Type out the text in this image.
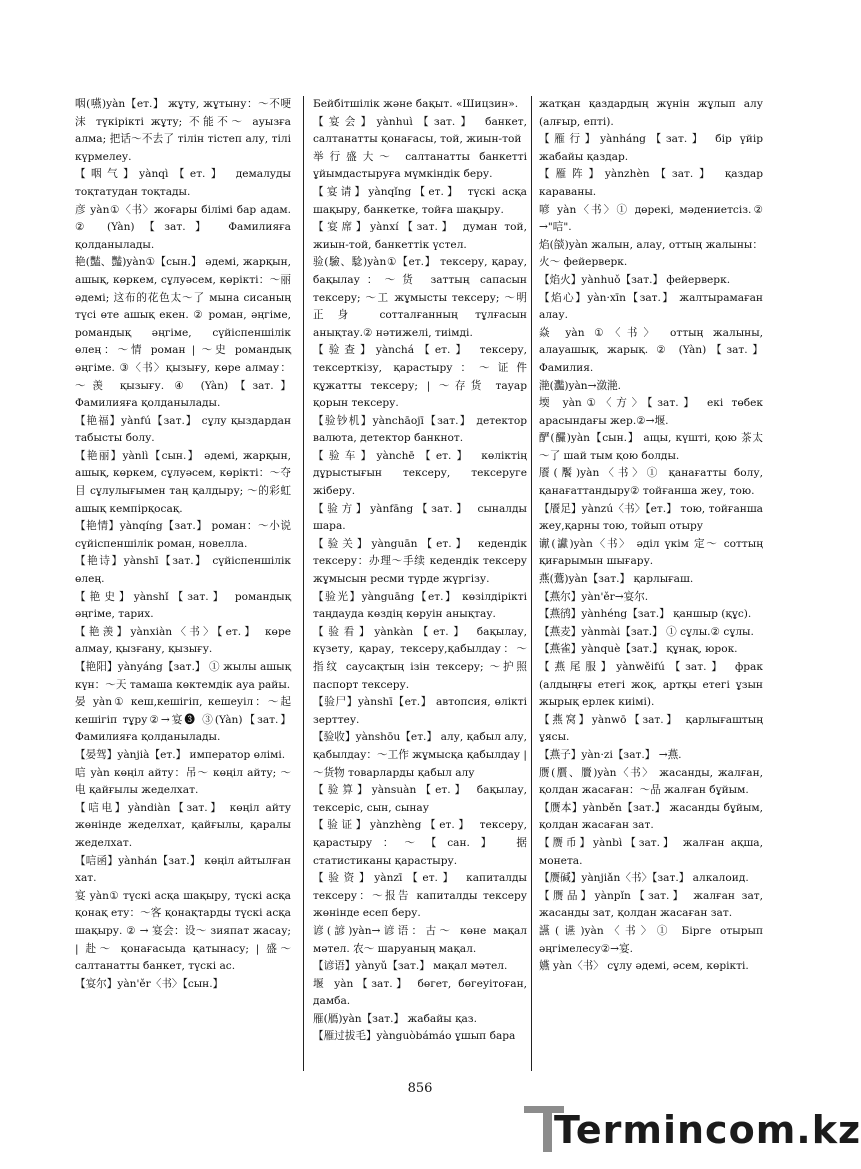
咽(嚥)yàn【ет.】 жұту, жұтыну：～不哽沫 түкірікті жұту; 不能不～ ауызға алма; 把话～不去了 тілін тістеп алу, тілі күрмелеу.

【咽气】yànqì【ет.】 демалуды тоқтатудан тоқтады.

彦 yàn①〈书〉жоғары білімі бар адам. ② (Yàn)【зат.】 Фамилияға қолданылады.

艳(豔、豔)yàn①【сын.】 әдемі, жарқын, ашық, көркем, сұлуәсем, көрікті：～丽 әдемі; 这布的花色太～了 мына сисаның түсі өте ашық екен. ② роман, әңгіме, романдық әңгіме, сүйіспеншілік өлең：～情 роман | ～史 романдық әңгіме. ③〈书〉қызығу, көре алмау：～羡 қызығу. ④ (Yàn)【зат.】 Фамилияға қолданылады.

【艳福】yànfú【зат.】 сұлу қыздардан табысты болу.

【艳丽】yànlì【сын.】 әдемі, жарқын, ашық, көркем, сұлуәсем, көрікті：～夺目 сұлулығымен таң қалдыру; ～的彩虹 ашық кемпірқосақ.

【艳情】yànqíng【зат.】 роман：～小说 сүйіспеншілік роман, новелла.

【艳诗】yànshī【зат.】 сүйіспеншілік өлең.

【艳史】yànshǐ【зат.】 романдық әңгіме, тарих.

【艳羡】yànxiàn〈书〉【ет.】 көре алмау, қызғану, қызығу.

【艳阳】yànyáng【зат.】 ① жылы ашық күн：～天 тамаша көктемдік ауа райы.

晏 yàn① кеш,кешігіп, кешеуіл：～起 кешігіп тұру②→宴❸ ③(Yàn)【зат.】 Фамилияға қолданылады.

【晏驾】yànjià【ет.】 император өлімі.

唁 yàn көңіл айту：吊～ көңіл айту; ～电 қайғылы жеделхат.

【唁电】yàndiàn【зат.】 көңіл айту жөнінде жеделхат, қайғылы, қаралы жеделхат.

【唁函】yànhán【зат.】 көңіл айтылған хат.

宴 yàn① түскі асқа шақыру, түскі асқа қонақ ету：～客 қонақтарды түскі асқа шақыру. ② → 宴会：设～ зияпат жасау; | 赴～ қонағасыда қатынасу; | 盛～ салтанатты банкет, түскі ас.

【宴尔】yàn'ěr〈书〉【сын.】

Бейбітшілік және бақыт. «Шицзин».

【宴会】yànhuì【зат.】 банкет, салтанатты қонағасы, той, жиын-той

举行盛大～ салтанатты банкетті ұйымдастыруға мүмкіндік беру.

【宴请】yànqǐng【ет.】 түскі асқа шақыру, банкетке, тойға шақыру.

【宴席】yànxí【зат.】 думан той, жиын-той, банкеттік үстел.

验(驗、騐)yàn①【ет.】 тексеру, қарау, бақылау：～货 заттың сапасын тексеру; ～工 жұмысты тексеру; ～明正身 сотталғанның тұлғасын анықтау.② нәтижелі, тиімді.

【验查】yànchá【ет.】 тексеру, тексерткізу, қарастыру：～证件 құжатты тексеру; | ～存货 тауар қорын тексеру.

【验钞机】yànchāojī【зат.】 детектор валюта, детектор банкнот.

【验车】yànchē【ет.】 көліктің дұрыстығын тексеру, тексеруге жіберу.

【验方】yànfāng【зат.】 сыналды шара.

【验关】yànguān【ет.】 кедендік тексеру：办理～手续 кедендік тексеру жұмысын ресми түрде жүргізу.

【验光】yànguāng【ет.】 көзілдірікті таңдауда көздің көруін анықтау.

【验看】yànkàn【ет.】 бақылау, күзету, қарау, тексеру,қабылдау：～指纹 саусақтың ізін тексеру; ～护照 паспорт тексеру.

【验尸】yànshī【ет.】 автопсия, өлікті зерттеу.

【验收】yànshōu【ет.】 алу, қабыл алу, қабылдау：～工作 жұмысқа қабылдау | ～货物 товарларды қабыл алу

【验算】yànsuàn【ет.】 бақылау, тексеріс, сын, сынау

【验证】yànzhèng【ет.】 тексеру, қарастыру：～【сан.】 据 статистиканы қарастыру.

【验资】yànzī【ет.】 капиталды тексеру：～报告 капиталды тексеру жөнінде есеп беру.

谚(諺)yàn→谚语：古～ көне мақал мәтел. 农～ шаруаның мақал.

【谚语】yànyǔ【зат.】 мақал мәтел.

堰 yàn【зат.】 бөгет, бөгеуітоған, дамба.

雁(鴈)yàn【зат.】 жабайы қаз.

【雁过拔毛】yànguòbámáo ұшып бара

жатқан қаздардың жүнін жұлып алу (алғыр, епті).

【雁行】yànháng【зат.】 бір үйір жабайы қаздар.

【雁阵】yànzhèn【зат.】 қаздар караваны.

喭 yàn〈书〉① дөрекі, мәдениетсіз.② →"唁".

焰(燄)yàn жалын, алау, оттың жалыны：火～ фейерверк.

【焰火】yànhuǒ【зат.】 фейерверк.

【焰心】yàn·xīn【зат.】 жалтырамаған алау.

焱 yàn ①〈书〉 оттың жалыны, алауашық, жарық. ② (Yàn)【зат.】 Фамилия.

滟(灩)yàn→潋滟.

堧 yàn①〈方〉【зат.】 екі төбек арасындағы жер.②→堰.

酽(釅)yàn【сын.】 ащы, күшті, қою 茶太～了 шай тым қою болды.

餍(饜)yàn〈书〉① қанағатты болу, қанағаттандыру② тойғанша жеу, тою.

【餍足】yànzú〈书〉【ет.】 тою, тойғанша жеу,қарны тою, тойып отыру

谳(讞)yàn〈书〉 әділ үкім 定～ соттың қиғарымын шығару.

燕(鷰)yàn【зат.】 қарлығаш.

【燕尔】yàn'ěr→宴尔.

【燕鸻】yànhéng【зат.】 қаншыр (құс).

【燕麦】yànmài【зат.】 ① сұлы.② сұлы.

【燕雀】yànquè【зат.】 құнақ, юрок.

【燕尾服】yànwěifú【зат.】 фрак (алдыңғы етегі жоқ, артқы етегі ұзын жырық ерлек киімі).

【燕窝】yànwō【зат.】 қарлығаштың ұясы.

【燕子】yàn·zi【зат.】 →燕.

赝(贋、贗)yàn〈书〉 жасанды, жалған, қолдан жасаған：～品 жалған бұйым.

【赝本】yànběn【зат.】 жасанды бұйым, қолдан жасаған зат.

【赝币】yànbì【зат.】 жалған ақша, монета.

【赝碱】yànjiǎn〈书〉【зат.】 алкалоид.

【赝品】yànpǐn【зат.】 жалған зат, жасанды зат, қолдан жасаған зат.

讌(䜩)yàn〈书〉① Бірге отырып әңгімелесу②→宴.

嬿 yàn〈书〉 сұлу әдемі, әсем, көрікті.

856
Termincom.kz
